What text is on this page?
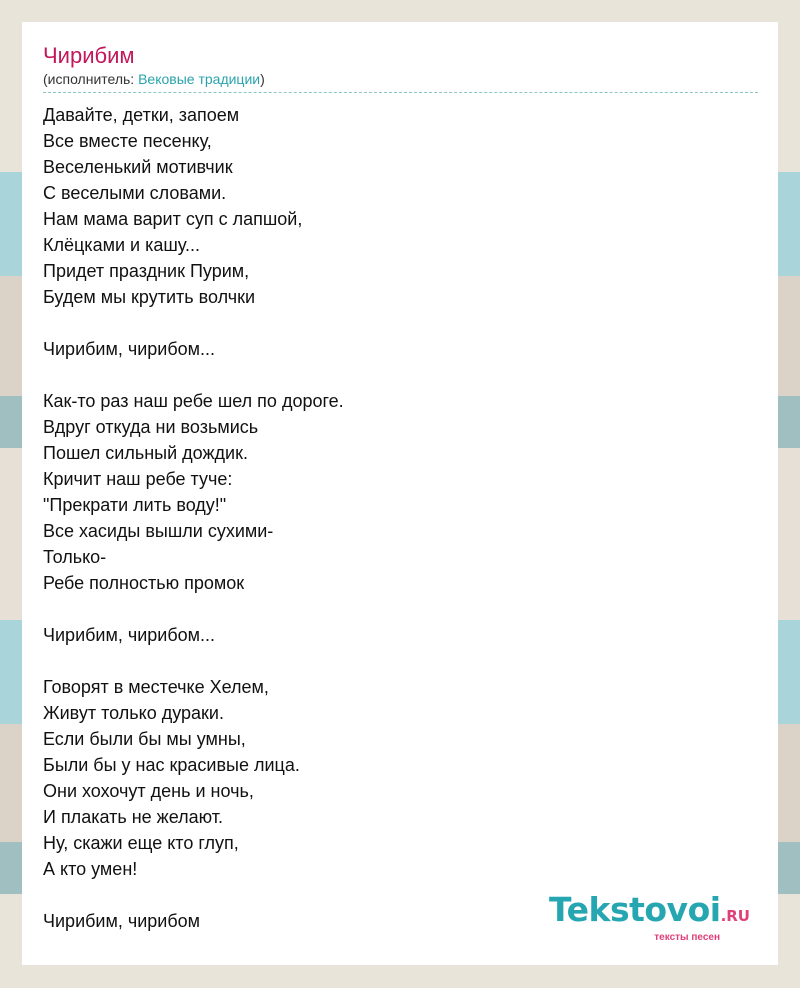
Чирибим
(исполнитель: Вековые традиции)
Давайте, детки, запоем
Все вместе песенку,
Веселенький мотивчик
С веселыми словами.
Нам мама варит суп с лапшой,
Клёцками и кашу...
Придет праздник Пурим,
Будем мы крутить волчки
Чирибим, чирибом...
Как-то раз наш ребе шел по дороге.
Вдруг откуда ни возьмись
Пошел сильный дождик.
Кричит наш ребе туче:
"Прекрати лить воду!"
Все хасиды вышли сухими-
Только-
Ребе полностью промок
Чирибим, чирибом...
Говорят в местечке Хелем,
Живут только дураки.
Если были бы мы умны,
Были бы у нас красивые лица.
Они хохочут день и ночь,
И плакать не желают.
Ну, скажи еще кто глуп,
А кто умен!
Чирибим, чирибом	Tekstovoi.RU
тексты песен
